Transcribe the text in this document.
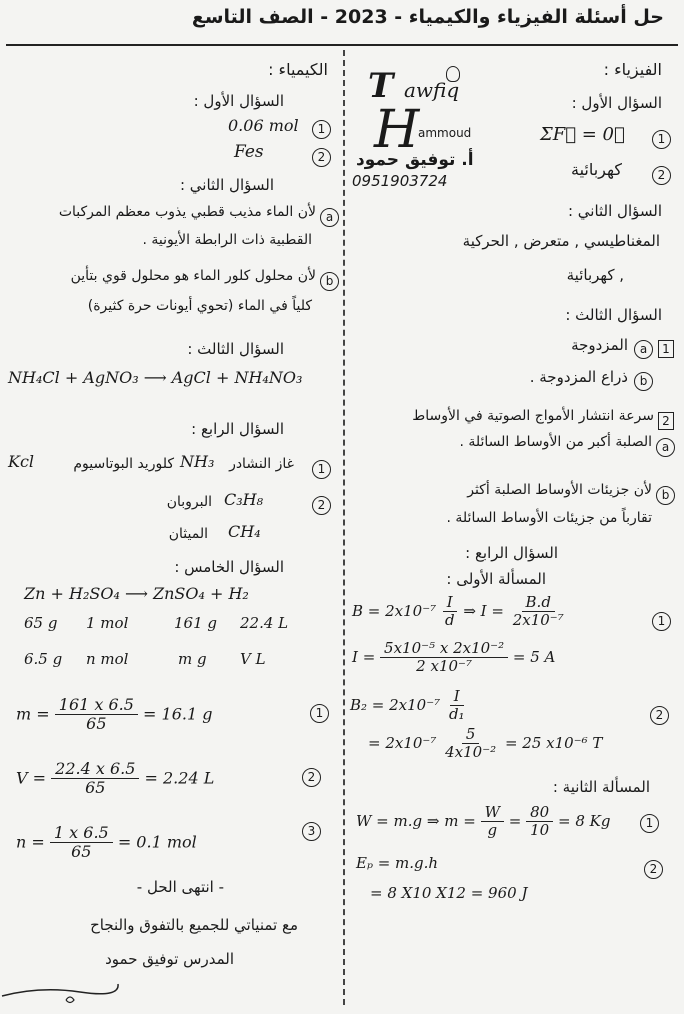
حل أسئلة الفيزياء والكيمياء - 2023 - الصف التاسع
T awfiq
H
ammoud
أ. توفيق حمود
0951903724
الكيمياء :
السؤال الأول :
0.06 mol	1
Fes	2
السؤال الثاني :
a
لأن الماء مذيب قطبي يذوب معظم المركبات
القطبية ذات الرابطة الأيونية .
b
لأن محلول كلور الماء هو محلول قوي بتأين
كلياً في الماء (تحوي أيونات حرة كثيرة)
السؤال الثالث :
NH₄Cl + AgNO₃ ⟶ AgCl + NH₄NO₃
السؤال الرابع :
1
غاز النشادر
NH₃
كلوريد البوتاسيوم
Kcl
2
C₃H₈
البروبان
CH₄
الميثان
السؤال الخامس :
Zn + H₂SO₄ ⟶ ZnSO₄ + H₂
65 g 1 mol	161 g 22.4 L
6.5 g n mol	m g V L
$m = \frac{161 x 6.5}{65} = 16.1$ g	1
$V = \frac{22.4 x 6.5}{65} = 2.24$ L	2
$n = \frac{1 x 6.5}{65} = 0.1$ mol
3
- انتهى الحل -
مع تمنياتي للجميع بالتفوق والنجاح
المدرس توفيق حمود
الفيزياء :
السؤال الأول :
ΣF⃗ = 0⃗	1
كهربائية	2
السؤال الثاني :
المغناطيسي , متعرض , الحركية
, كهربائية
السؤال الثالث :
1
a
المزدوجة
b
ذراع المزدوجة .
2
سرعة انتشار الأمواج الصوتية في الأوساط
a
الصلبة أكبر من الأوساط السائلة .
b
لأن جزيئات الأوساط الصلبة أكثر
تقارباً من جزيئات الأوساط السائلة .
السؤال الرابع :
المسألة الأولى :
$B = 2x10^{-7} \frac{I}{d}$ ⇒ $I = \frac{B.d}{\text{2x10⁻⁷}}$	1
$I = \frac{\text{5x10⁻⁵ x 2x10⁻²}}{\text{2 x10⁻⁷}} = 5$ A
$B_2 = 2x10^{-7} \frac{I}{\text{d₁}}$	2
= $2x10^{-7} \frac{5}{\text{4x10⁻²}} = 25$ x10⁻⁶ T
المسألة الثانية :
W = m.g ⇒ $m = \frac{W}{g} = \frac{80}{10} = 8$ Kg	1
Eₚ = m.g.h	2
= 8 X10 X12 = 960 J
